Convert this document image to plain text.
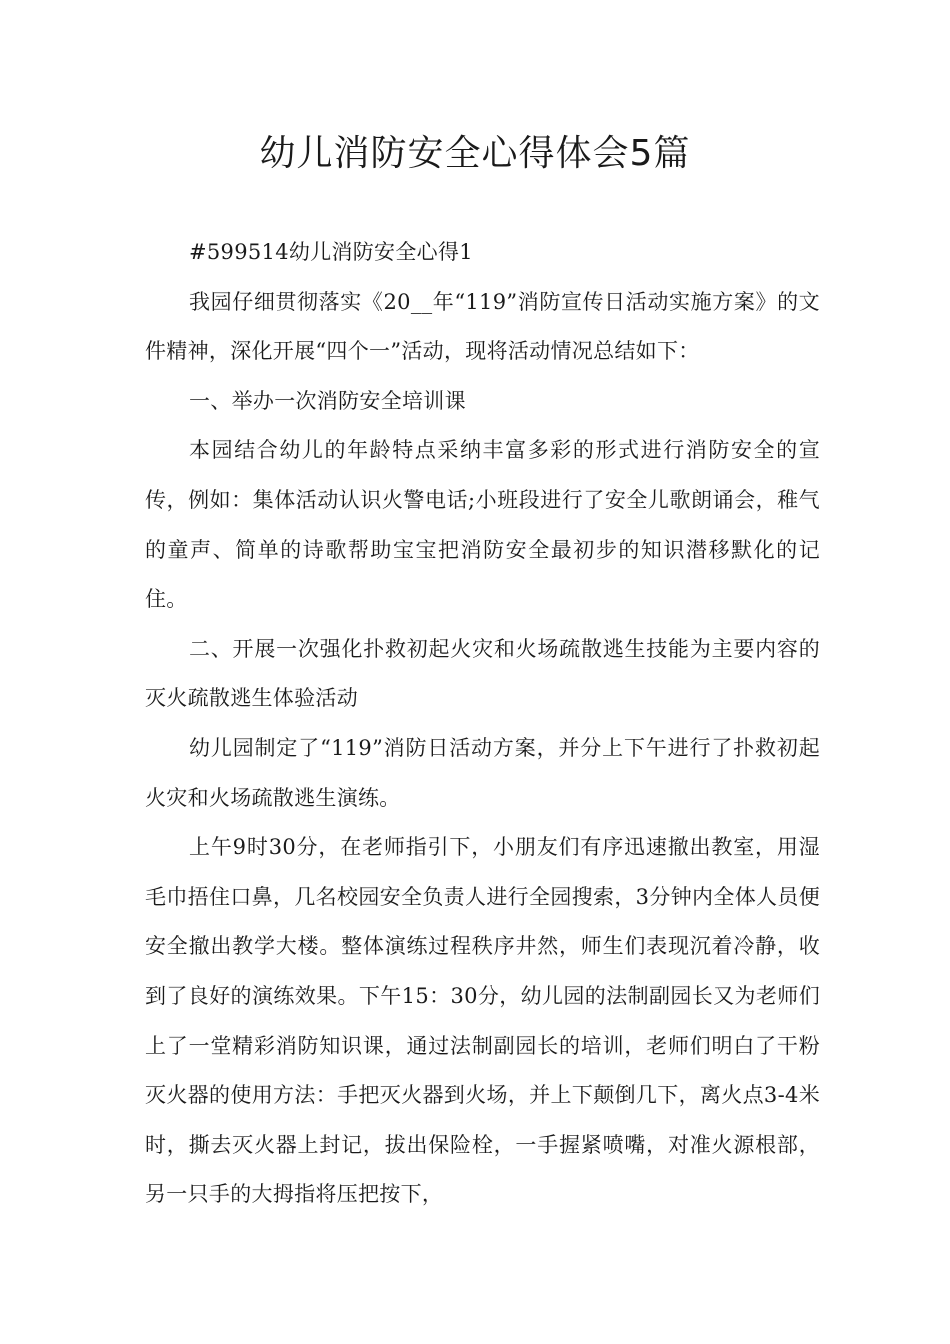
幼儿消防安全心得体会5篇

#599514幼儿消防安全心得1

我园仔细贯彻落实《20__年“119”消防宣传日活动实施方案》的文件精神，深化开展“四个一”活动，现将活动情况总结如下：

一、举办一次消防安全培训课

本园结合幼儿的年龄特点采纳丰富多彩的形式进行消防安全的宣传，例如：集体活动认识火警电话;小班段进行了安全儿歌朗诵会，稚气的童声、简单的诗歌帮助宝宝把消防安全最初步的知识潜移默化的记住。

二、开展一次强化扑救初起火灾和火场疏散逃生技能为主要内容的灭火疏散逃生体验活动

幼儿园制定了“119”消防日活动方案，并分上下午进行了扑救初起火灾和火场疏散逃生演练。

上午9时30分，在老师指引下，小朋友们有序迅速撤出教室，用湿毛巾捂住口鼻，几名校园安全负责人进行全园搜索，3分钟内全体人员便安全撤出教学大楼。整体演练过程秩序井然，师生们表现沉着冷静，收到了良好的演练效果。下午15：30分，幼儿园的法制副园长又为老师们上了一堂精彩消防知识课，通过法制副园长的培训，老师们明白了干粉灭火器的使用方法：手把灭火器到火场，并上下颠倒几下，离火点3-4米时，撕去灭火器上封记，拔出保险栓，一手握紧喷嘴，对准火源根部，另一只手的大拇指将压把按下，
